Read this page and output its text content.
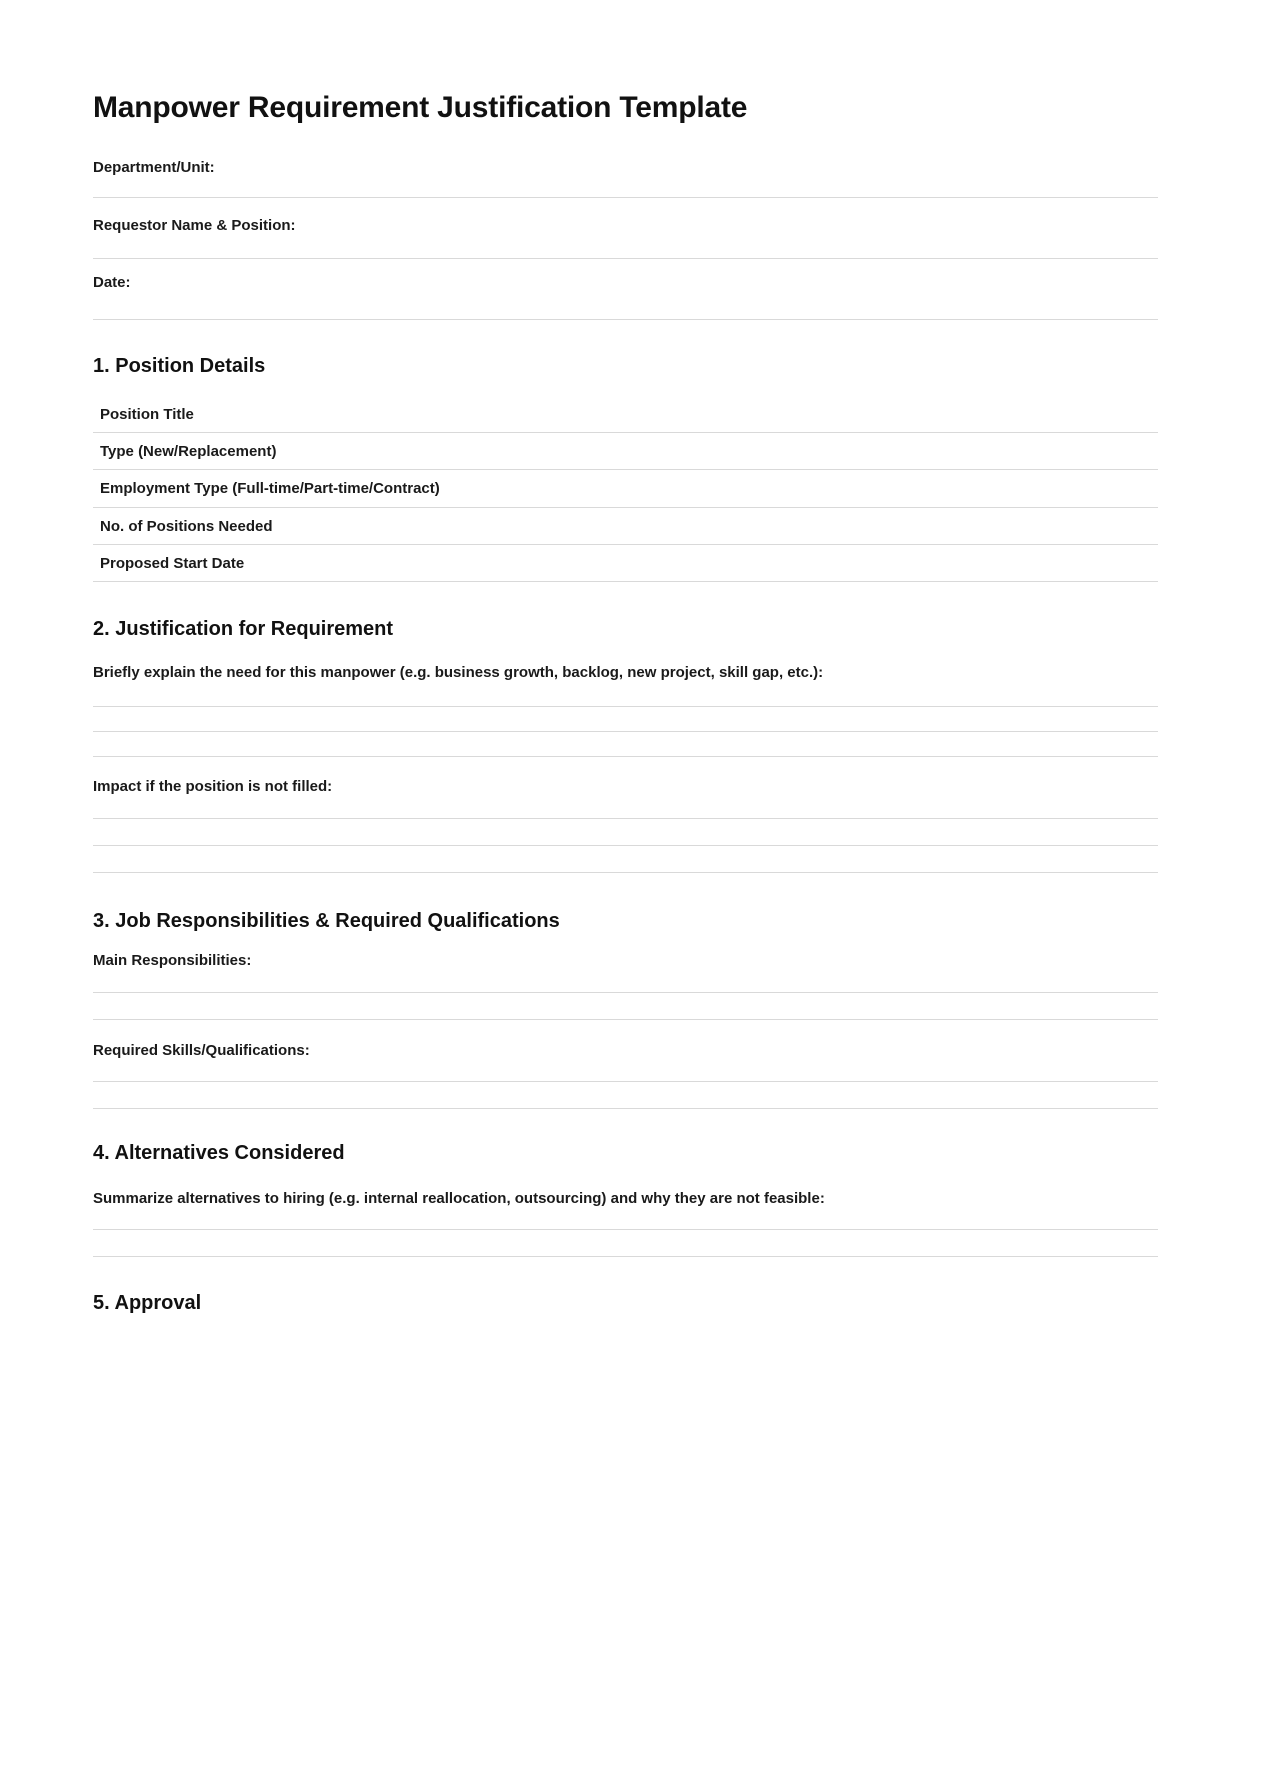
Manpower Requirement Justification Template
Department/Unit:
Requestor Name & Position:
Date:
1. Position Details
Position Title
Type (New/Replacement)
Employment Type (Full-time/Part-time/Contract)
No. of Positions Needed
Proposed Start Date
2. Justification for Requirement
Briefly explain the need for this manpower (e.g. business growth, backlog, new project, skill gap, etc.):
Impact if the position is not filled:
3. Job Responsibilities & Required Qualifications
Main Responsibilities:
Required Skills/Qualifications:
4. Alternatives Considered
Summarize alternatives to hiring (e.g. internal reallocation, outsourcing) and why they are not feasible:
5. Approval
